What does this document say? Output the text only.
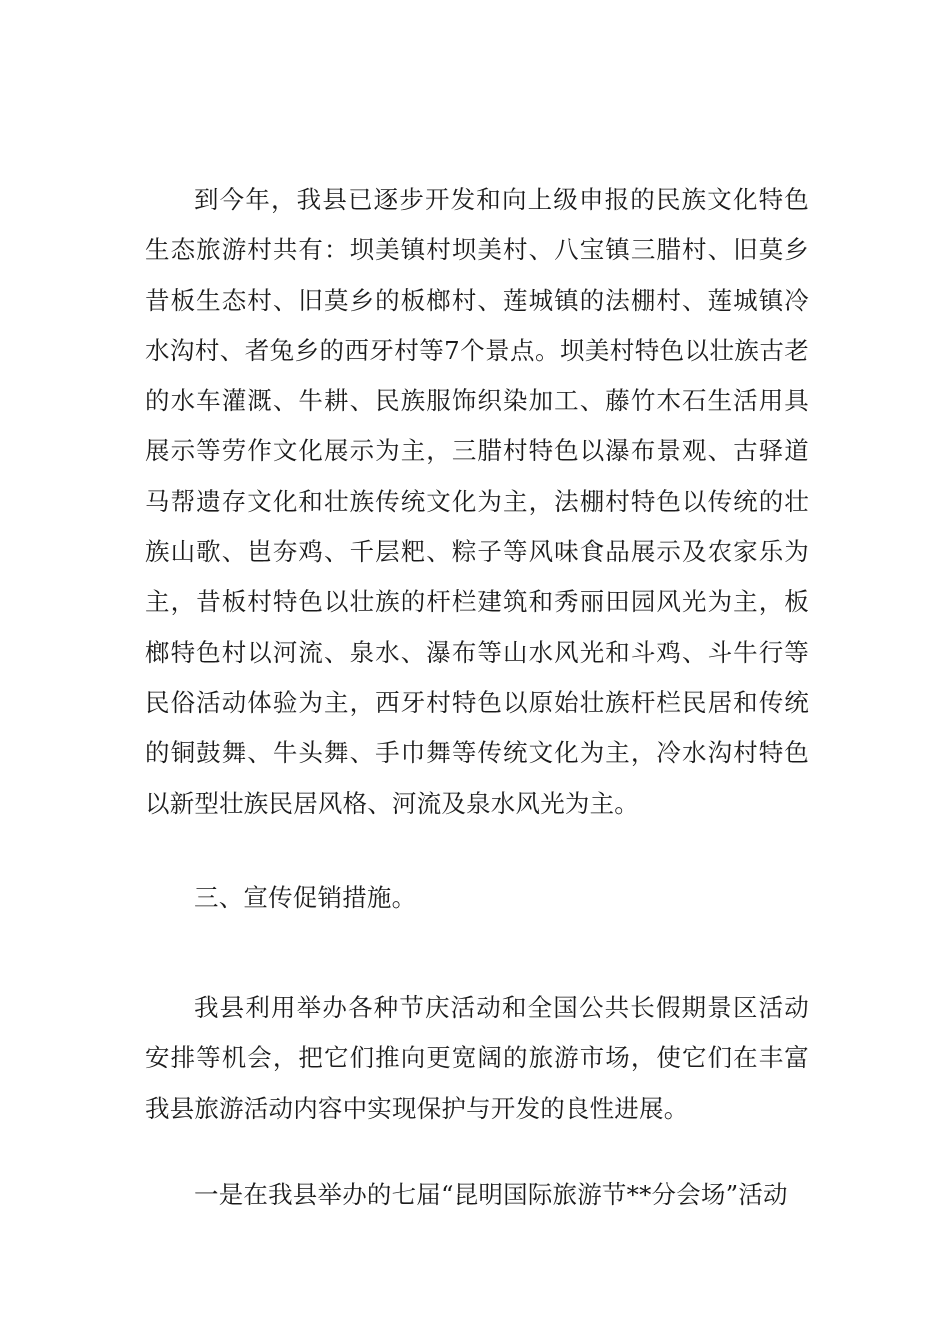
到今年，我县已逐步开发和向上级申报的民族文化特色生态旅游村共有：坝美镇村坝美村、八宝镇三腊村、旧莫乡昔板生态村、旧莫乡的板榔村、莲城镇的法棚村、莲城镇冷水沟村、者兔乡的西牙村等7个景点。坝美村特色以壮族古老的水车灌溉、牛耕、民族服饰织染加工、藤竹木石生活用具展示等劳作文化展示为主，三腊村特色以瀑布景观、古驿道马帮遗存文化和壮族传统文化为主，法棚村特色以传统的壮族山歌、岜夯鸡、千层粑、粽子等风味食品展示及农家乐为主，昔板村特色以壮族的杆栏建筑和秀丽田园风光为主，板榔特色村以河流、泉水、瀑布等山水风光和斗鸡、斗牛行等民俗活动体验为主，西牙村特色以原始壮族杆栏民居和传统的铜鼓舞、牛头舞、手巾舞等传统文化为主，冷水沟村特色以新型壮族民居风格、河流及泉水风光为主。

三、宣传促销措施。

我县利用举办各种节庆活动和全国公共长假期景区活动安排等机会，把它们推向更宽阔的旅游市场，使它们在丰富我县旅游活动内容中实现保护与开发的良性进展。

一是在我县举办的七届“昆明国际旅游节**分会场”活动
